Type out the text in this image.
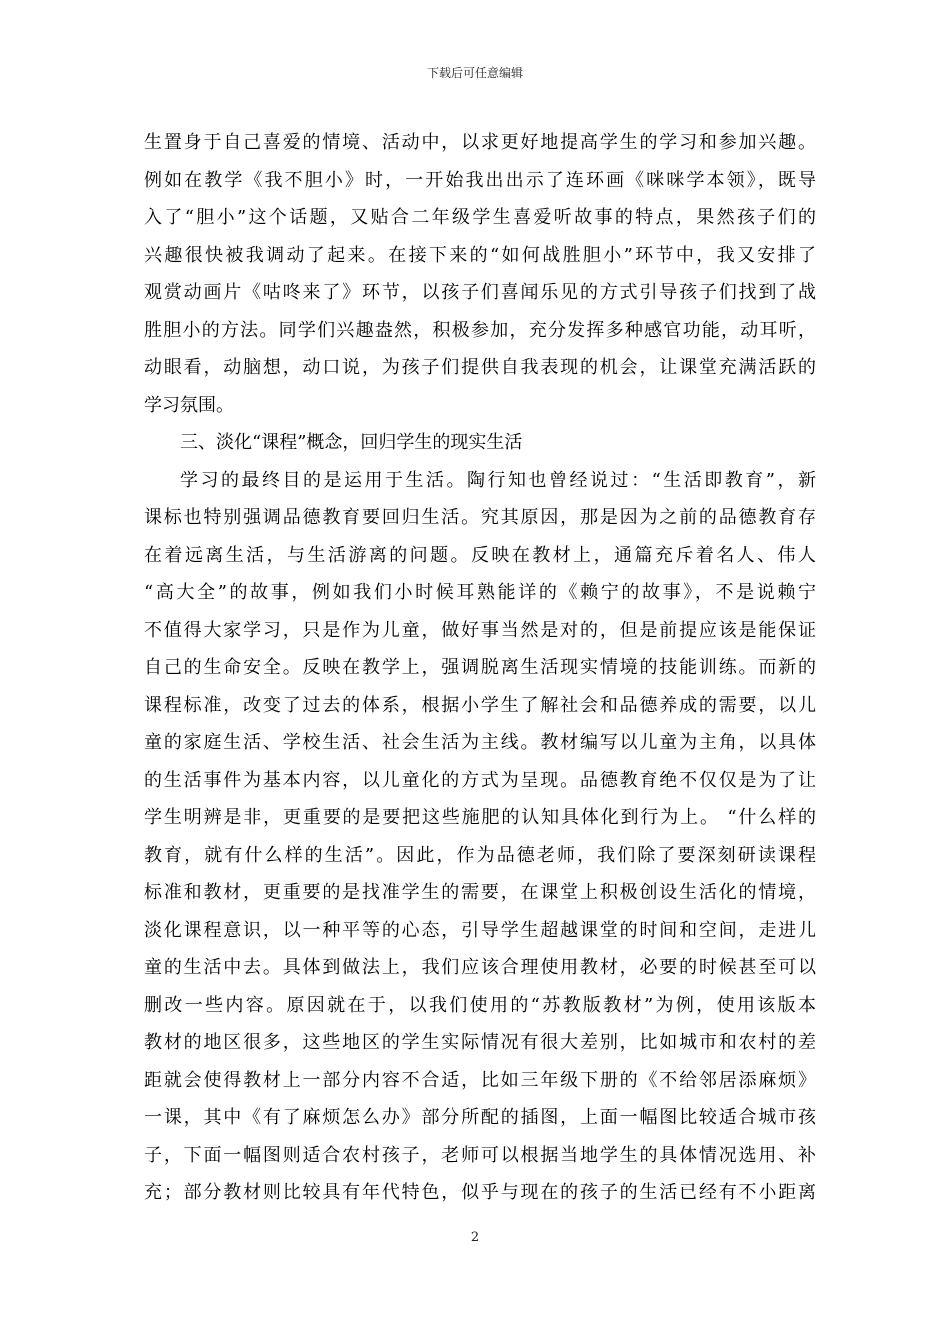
下载后可任意编辑
生置身于自己喜爱的情境、活动中，以求更好地提高学生的学习和参加兴趣。
例如在教学《我不胆小》时，一开始我出出示了连环画《咪咪学本领》，既导
入了“胆小”这个话题，又贴合二年级学生喜爱听故事的特点，果然孩子们的
兴趣很快被我调动了起来。在接下来的“如何战胜胆小”环节中，我又安排了
观赏动画片《咕咚来了》环节，以孩子们喜闻乐见的方式引导孩子们找到了战
胜胆小的方法。同学们兴趣盎然，积极参加，充分发挥多种感官功能，动耳听，
动眼看，动脑想，动口说，为孩子们提供自我表现的机会，让课堂充满活跃的
学习氛围。
三、淡化“课程”概念，回归学生的现实生活
学习的最终目的是运用于生活。陶行知也曾经说过：“生活即教育”，新
课标也特别强调品德教育要回归生活。究其原因，那是因为之前的品德教育存
在着远离生活，与生活游离的问题。反映在教材上，通篇充斥着名人、伟人
“高大全”的故事，例如我们小时候耳熟能详的《赖宁的故事》，不是说赖宁
不值得大家学习，只是作为儿童，做好事当然是对的，但是前提应该是能保证
自己的生命安全。反映在教学上，强调脱离生活现实情境的技能训练。而新的
课程标准，改变了过去的体系，根据小学生了解社会和品德养成的需要，以儿
童的家庭生活、学校生活、社会生活为主线。教材编写以儿童为主角，以具体
的生活事件为基本内容，以儿童化的方式为呈现。品德教育绝不仅仅是为了让
学生明辨是非，更重要的是要把这些施肥的认知具体化到行为上。 “什么样的
教育，就有什么样的生活”。因此，作为品德老师，我们除了要深刻研读课程
标准和教材，更重要的是找准学生的需要，在课堂上积极创设生活化的情境，
淡化课程意识，以一种平等的心态，引导学生超越课堂的时间和空间，走进儿
童的生活中去。具体到做法上，我们应该合理使用教材，必要的时候甚至可以
删改一些内容。原因就在于，以我们使用的“苏教版教材”为例，使用该版本
教材的地区很多，这些地区的学生实际情况有很大差别，比如城市和农村的差
距就会使得教材上一部分内容不合适，比如三年级下册的《不给邻居添麻烦》
一课，其中《有了麻烦怎么办》部分所配的插图，上面一幅图比较适合城市孩
子，下面一幅图则适合农村孩子，老师可以根据当地学生的具体情况选用、补
充；部分教材则比较具有年代特色，似乎与现在的孩子的生活已经有不小距离
2
